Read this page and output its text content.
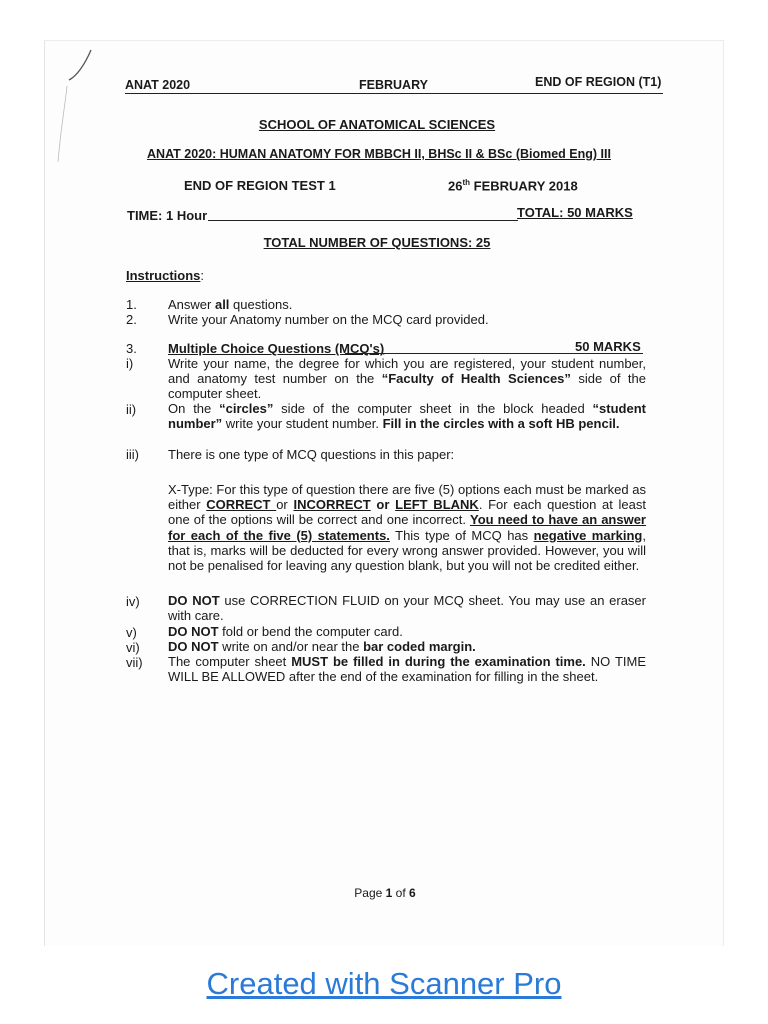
ANAT 2020	FEBRUARY	END OF REGION (T1)
SCHOOL OF ANATOMICAL SCIENCES
ANAT 2020: HUMAN ANATOMY FOR MBBCH II, BHSc II & BSc (Biomed Eng) III
END OF REGION TEST 1	26th FEBRUARY 2018
TIME: 1 Hour	TOTAL: 50 MARKS
TOTAL NUMBER OF QUESTIONS: 25
Instructions:
1. Answer all questions.
2. Write your Anatomy number on the MCQ card provided.
3. Multiple Choice Questions (MCQ's)	50 MARKS
i)	Write your name, the degree for which you are registered, your student number, and anatomy test number on the “Faculty of Health Sciences” side of the computer sheet.
ii) On the “circles” side of the computer sheet in the block headed “student number” write your student number. Fill in the circles with a soft HB pencil.
iii) There is one type of MCQ questions in this paper:
X-Type: For this type of question there are five (5) options each must be marked as either CORRECT or INCORRECT or LEFT BLANK. For each question at least one of the options will be correct and one incorrect. You need to have an answer for each of the five (5) statements. This type of MCQ has negative marking, that is, marks will be deducted for every wrong answer provided. However, you will not be penalised for leaving any question blank, but you will not be credited either.
iv) DO NOT use CORRECTION FLUID on your MCQ sheet. You may use an eraser with care.
v) DO NOT fold or bend the computer card.
vi) DO NOT write on and/or near the bar coded margin.
vii) The computer sheet MUST be filled in during the examination time. NO TIME WILL BE ALLOWED after the end of the examination for filling in the sheet.
Page 1 of 6
Created with Scanner Pro
